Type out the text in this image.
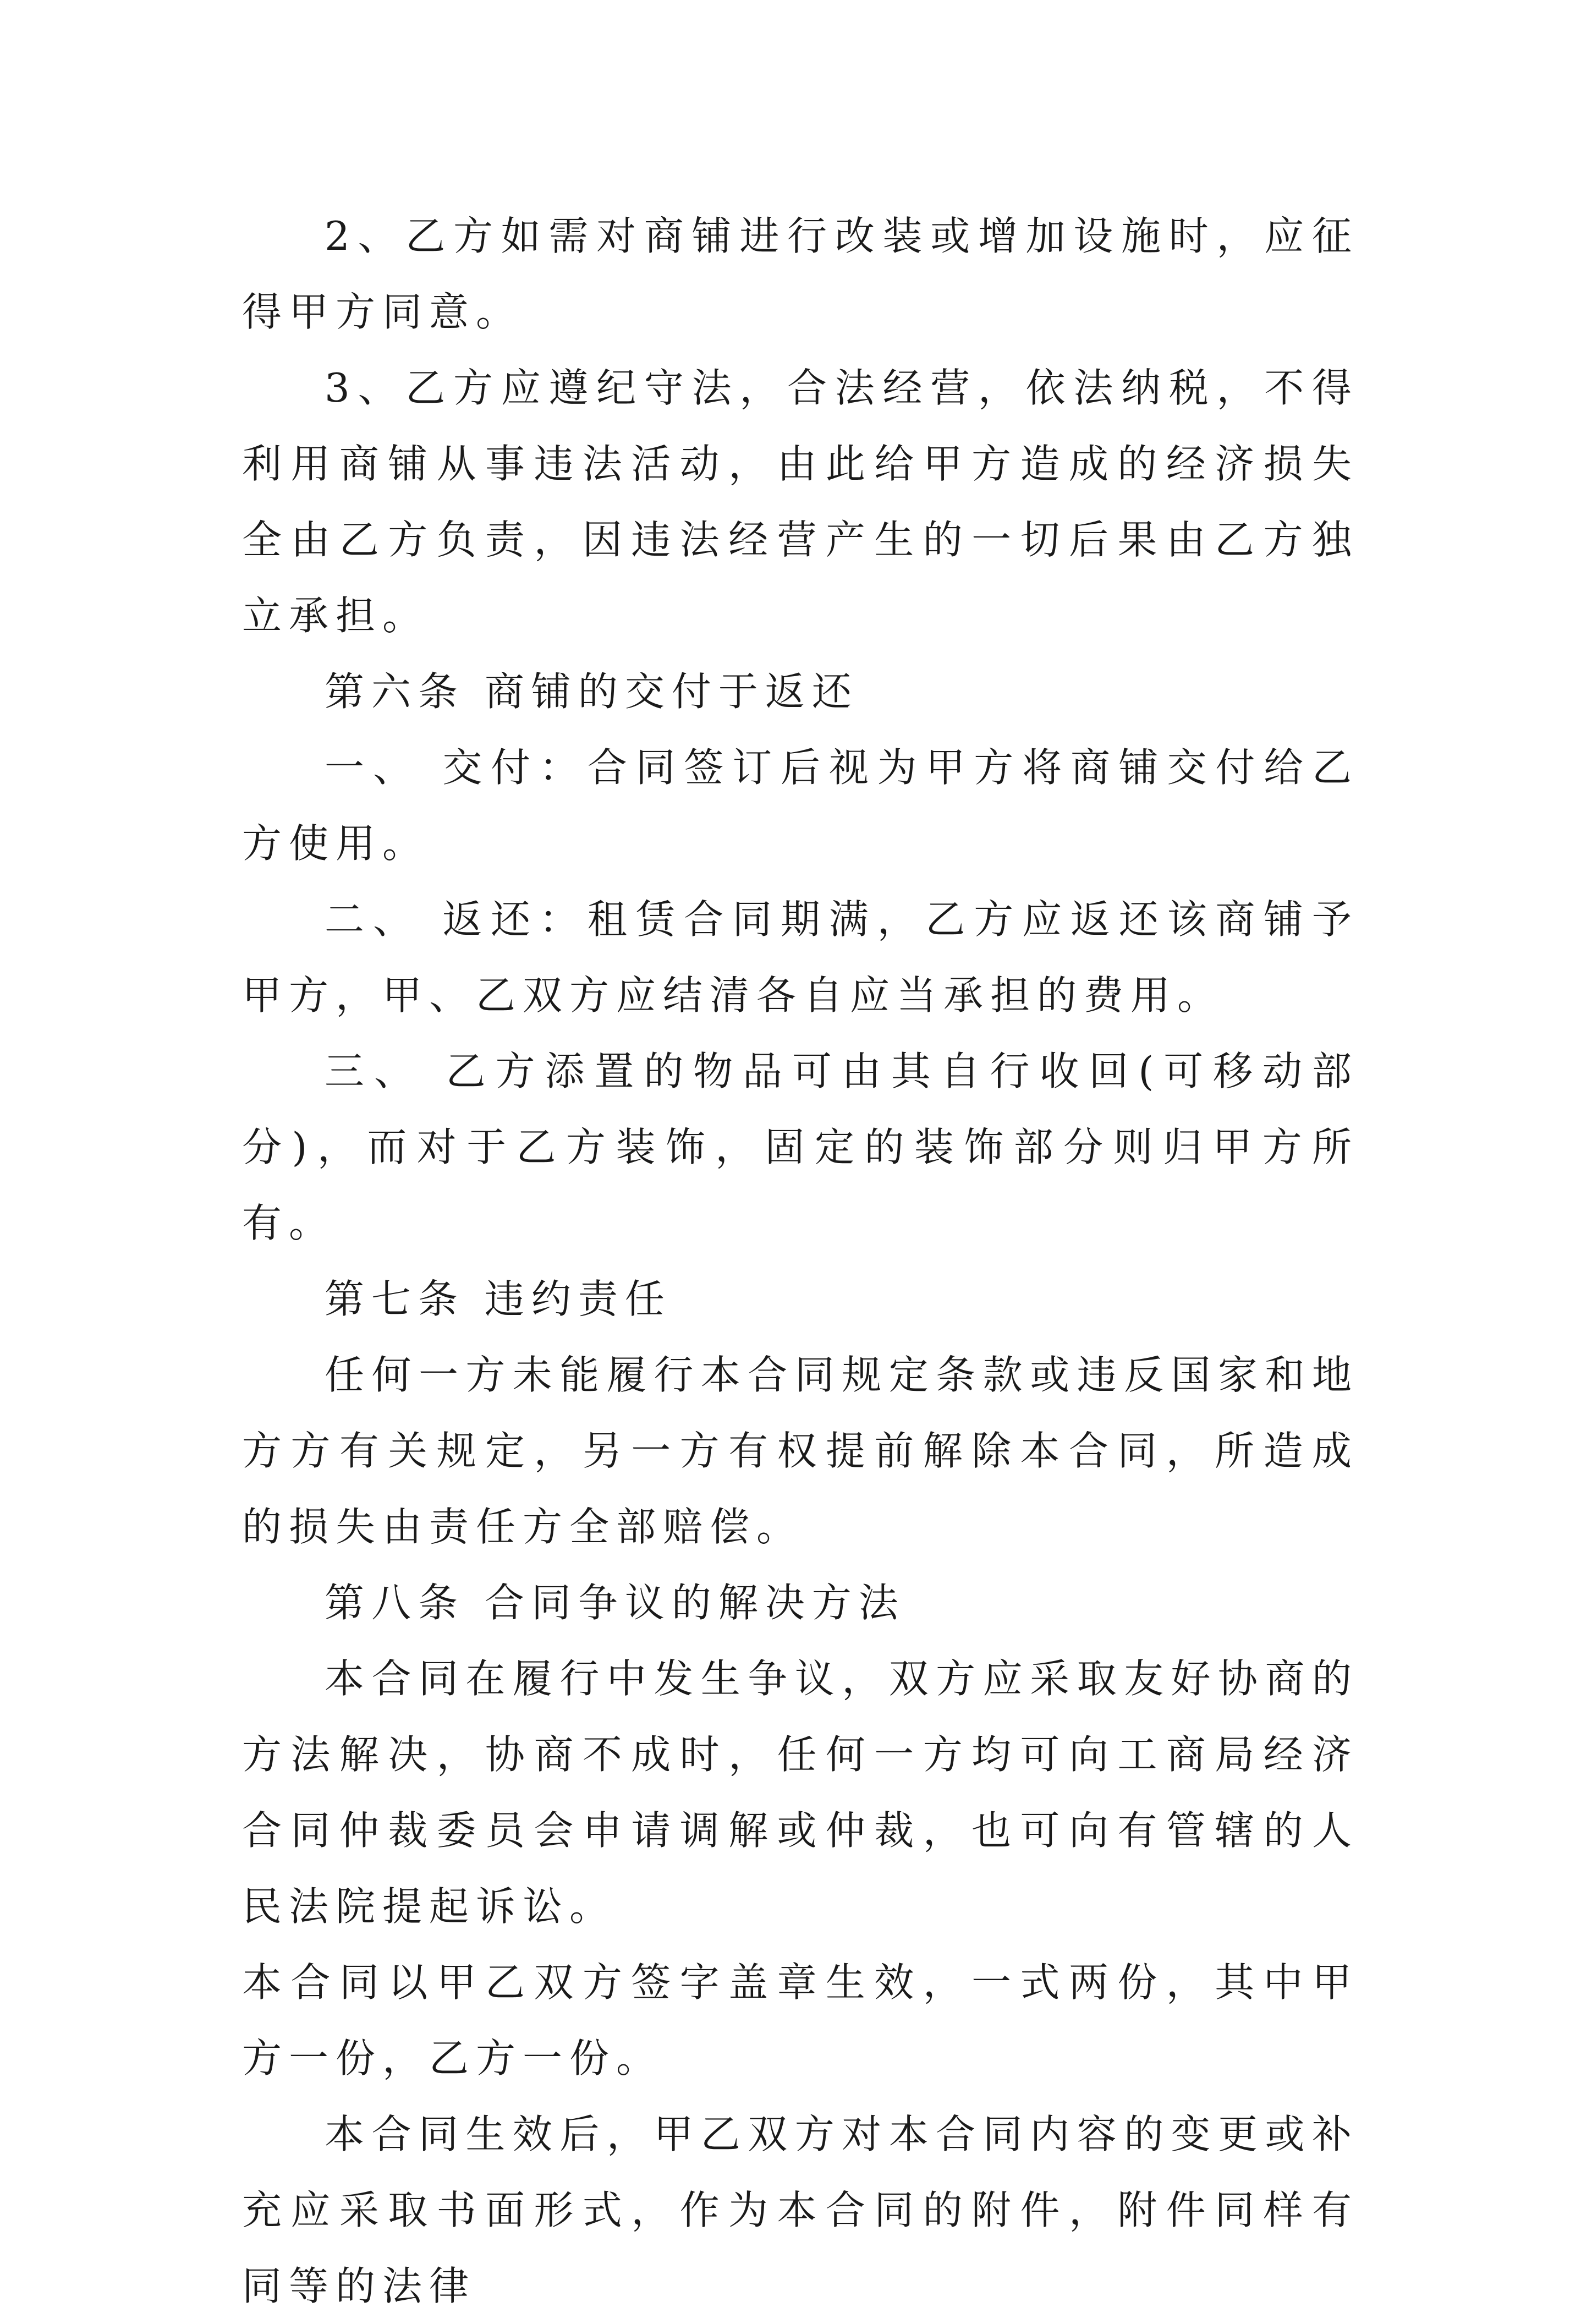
2、乙方如需对商铺进行改装或增加设施时，应征得甲方同意。

3、乙方应遵纪守法，合法经营，依法纳税，不得利用商铺从事违法活动，由此给甲方造成的经济损失全由乙方负责，因违法经营产生的一切后果由乙方独立承担。

第六条 商铺的交付于返还

一、 交付：合同签订后视为甲方将商铺交付给乙方使用。

二、 返还：租赁合同期满，乙方应返还该商铺予甲方，甲、乙双方应结清各自应当承担的费用。

三、 乙方添置的物品可由其自行收回(可移动部分)，而对于乙方装饰，固定的装饰部分则归甲方所有。

第七条 违约责任

任何一方未能履行本合同规定条款或违反国家和地方方有关规定，另一方有权提前解除本合同，所造成的损失由责任方全部赔偿。

第八条 合同争议的解决方法

本合同在履行中发生争议，双方应采取友好协商的方法解决，协商不成时，任何一方均可向工商局经济合同仲裁委员会申请调解或仲裁，也可向有管辖的人民法院提起诉讼。

本合同以甲乙双方签字盖章生效，一式两份，其中甲方一份，乙方一份。

本合同生效后，甲乙双方对本合同内容的变更或补充应采取书面形式，作为本合同的附件，附件同样有同等的法律
